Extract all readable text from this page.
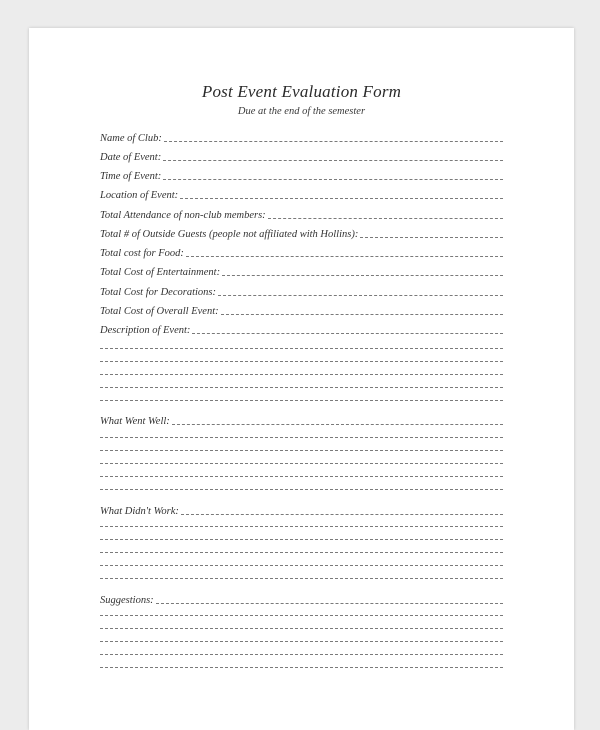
Post Event Evaluation Form
Due at the end of the semester
Name of Club:
Date of Event:
Time of Event:
Location of Event:
Total Attendance of non-club members:
Total # of Outside Guests (people not affiliated with Hollins):
Total cost for Food:
Total Cost of Entertainment:
Total Cost for Decorations:
Total Cost of Overall Event:
Description of Event:
What Went Well:
What Didn't Work:
Suggestions:
